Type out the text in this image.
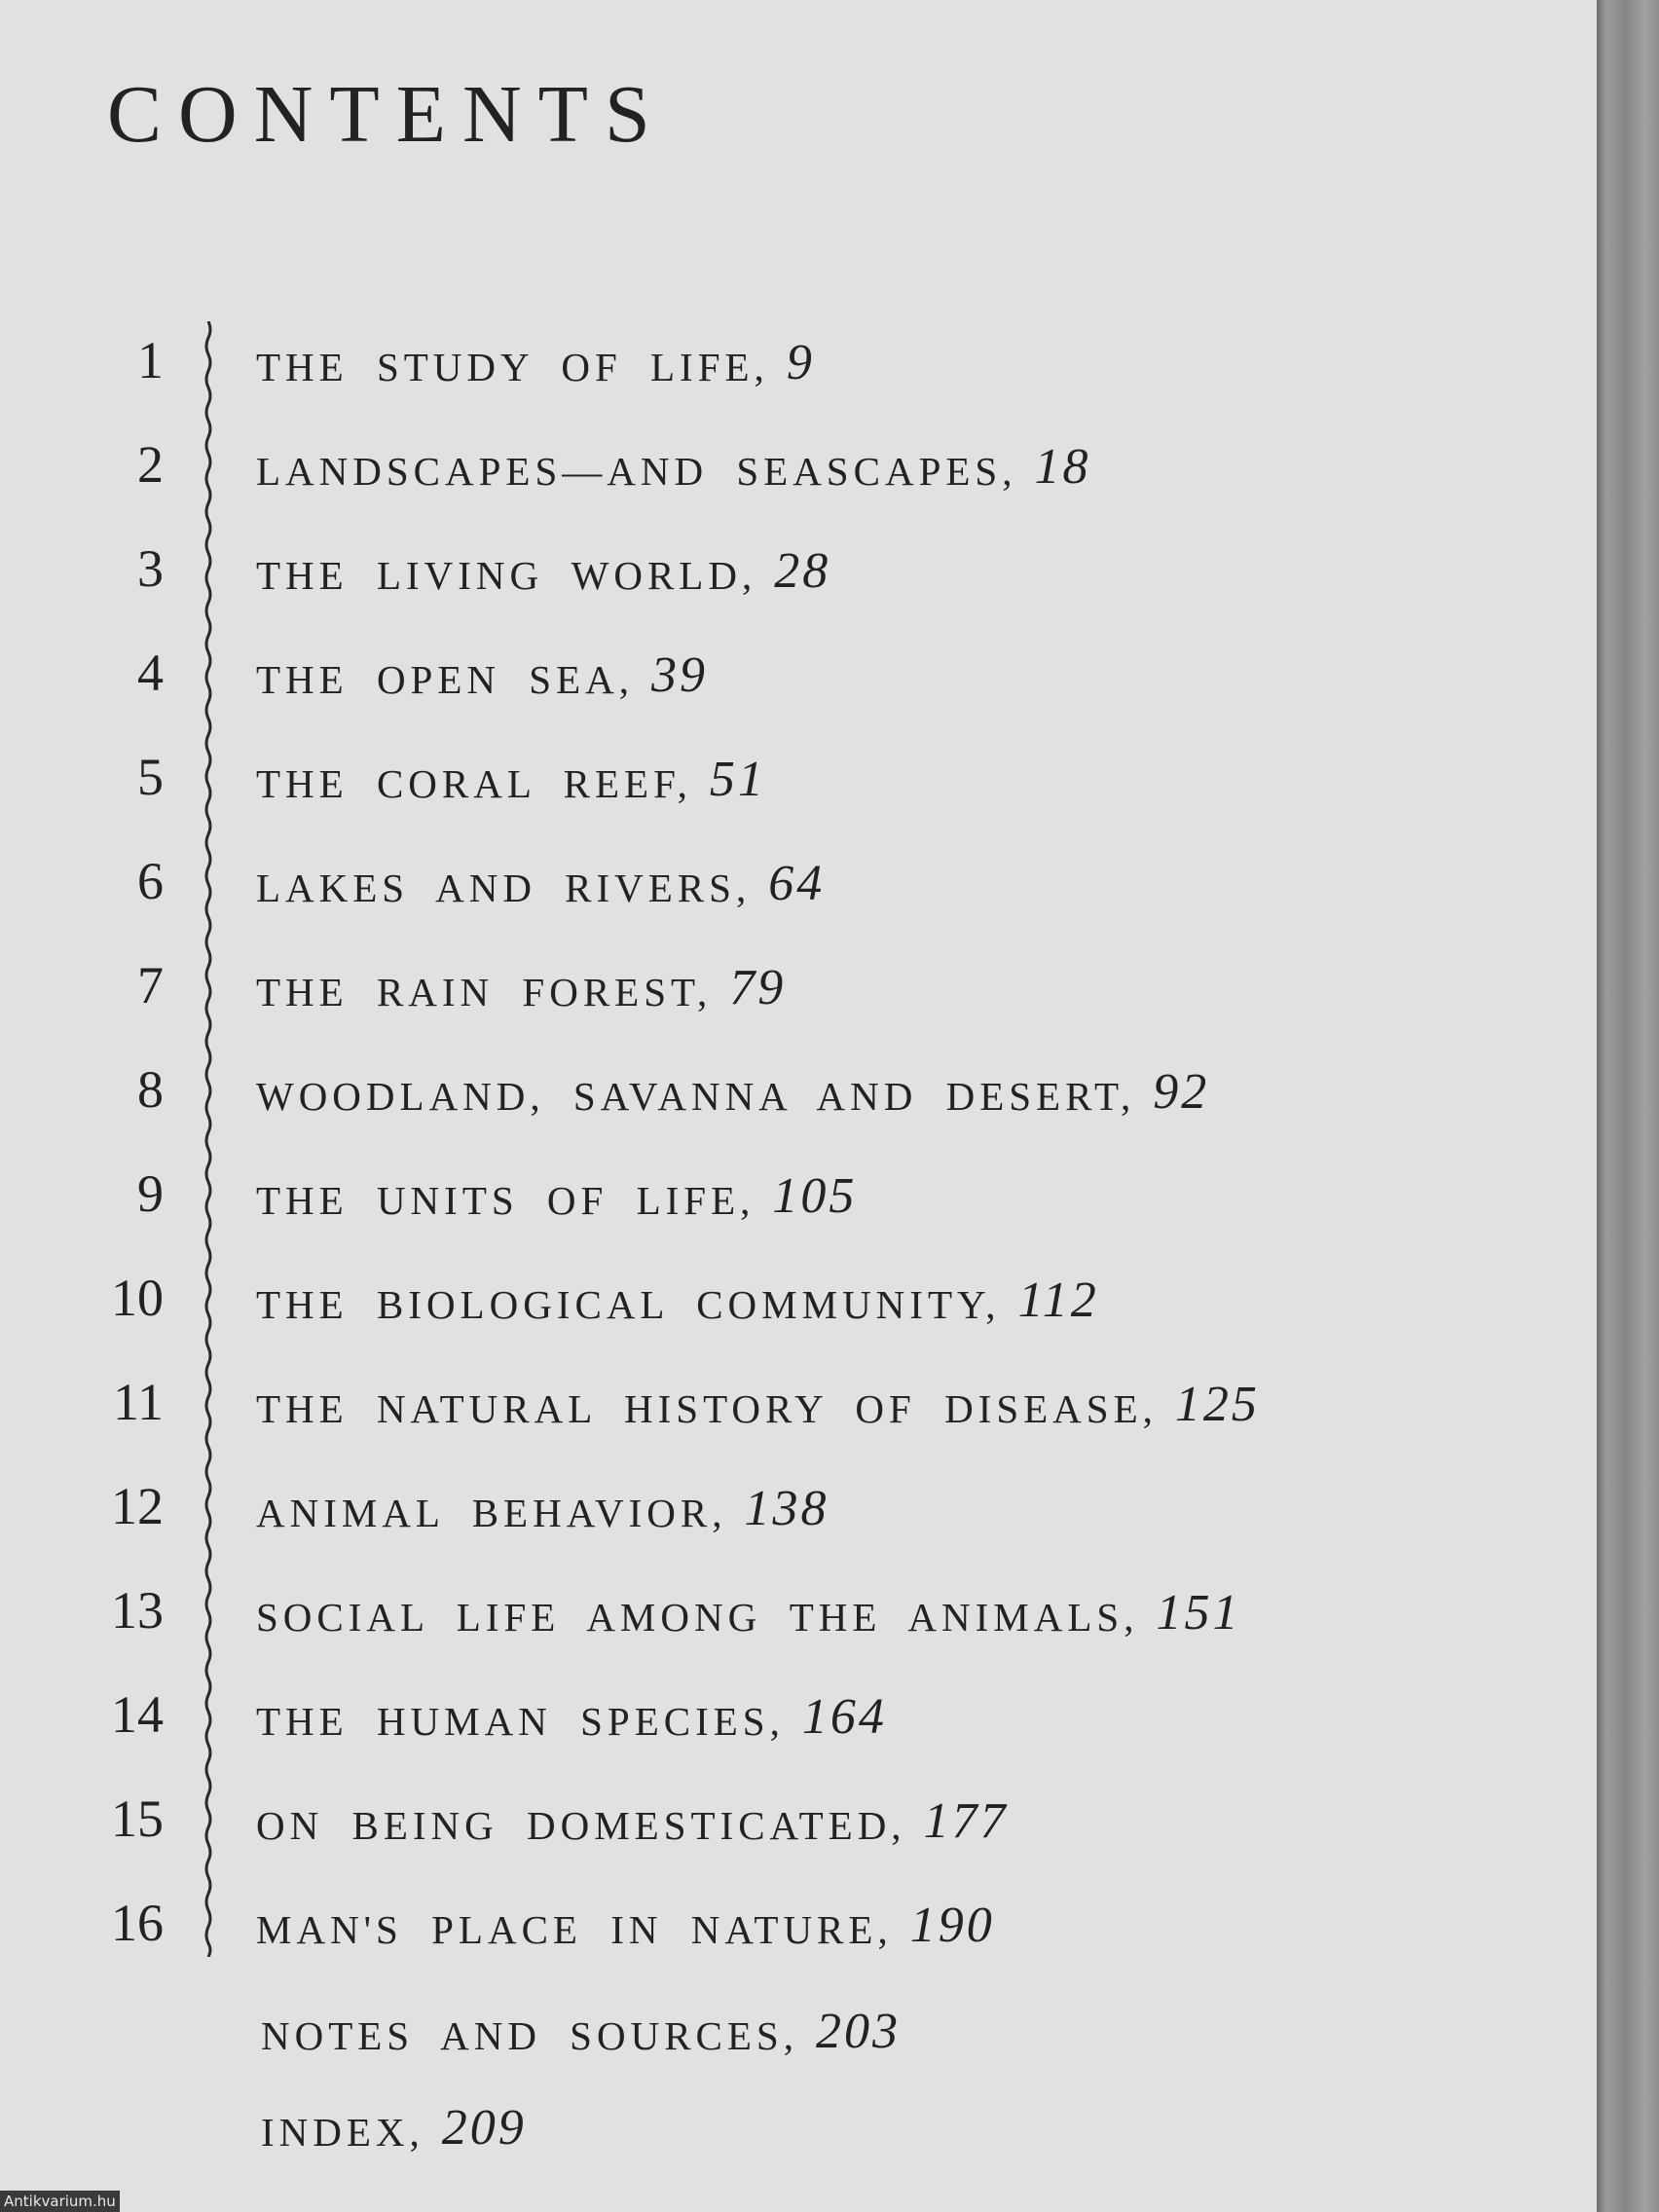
CONTENTS
1 THE STUDY OF LIFE, 9
2 LANDSCAPES—AND SEASCAPES, 18
3 THE LIVING WORLD, 28
4 THE OPEN SEA, 39
5 THE CORAL REEF, 51
6 LAKES AND RIVERS, 64
7 THE RAIN FOREST, 79
8 WOODLAND, SAVANNA AND DESERT, 92
9 THE UNITS OF LIFE, 105
10 THE BIOLOGICAL COMMUNITY, 112
11 THE NATURAL HISTORY OF DISEASE, 125
12 ANIMAL BEHAVIOR, 138
13 SOCIAL LIFE AMONG THE ANIMALS, 151
14 THE HUMAN SPECIES, 164
15 ON BEING DOMESTICATED, 177
16 MAN'S PLACE IN NATURE, 190
NOTES AND SOURCES, 203
INDEX, 209
Antikvarium.hu
